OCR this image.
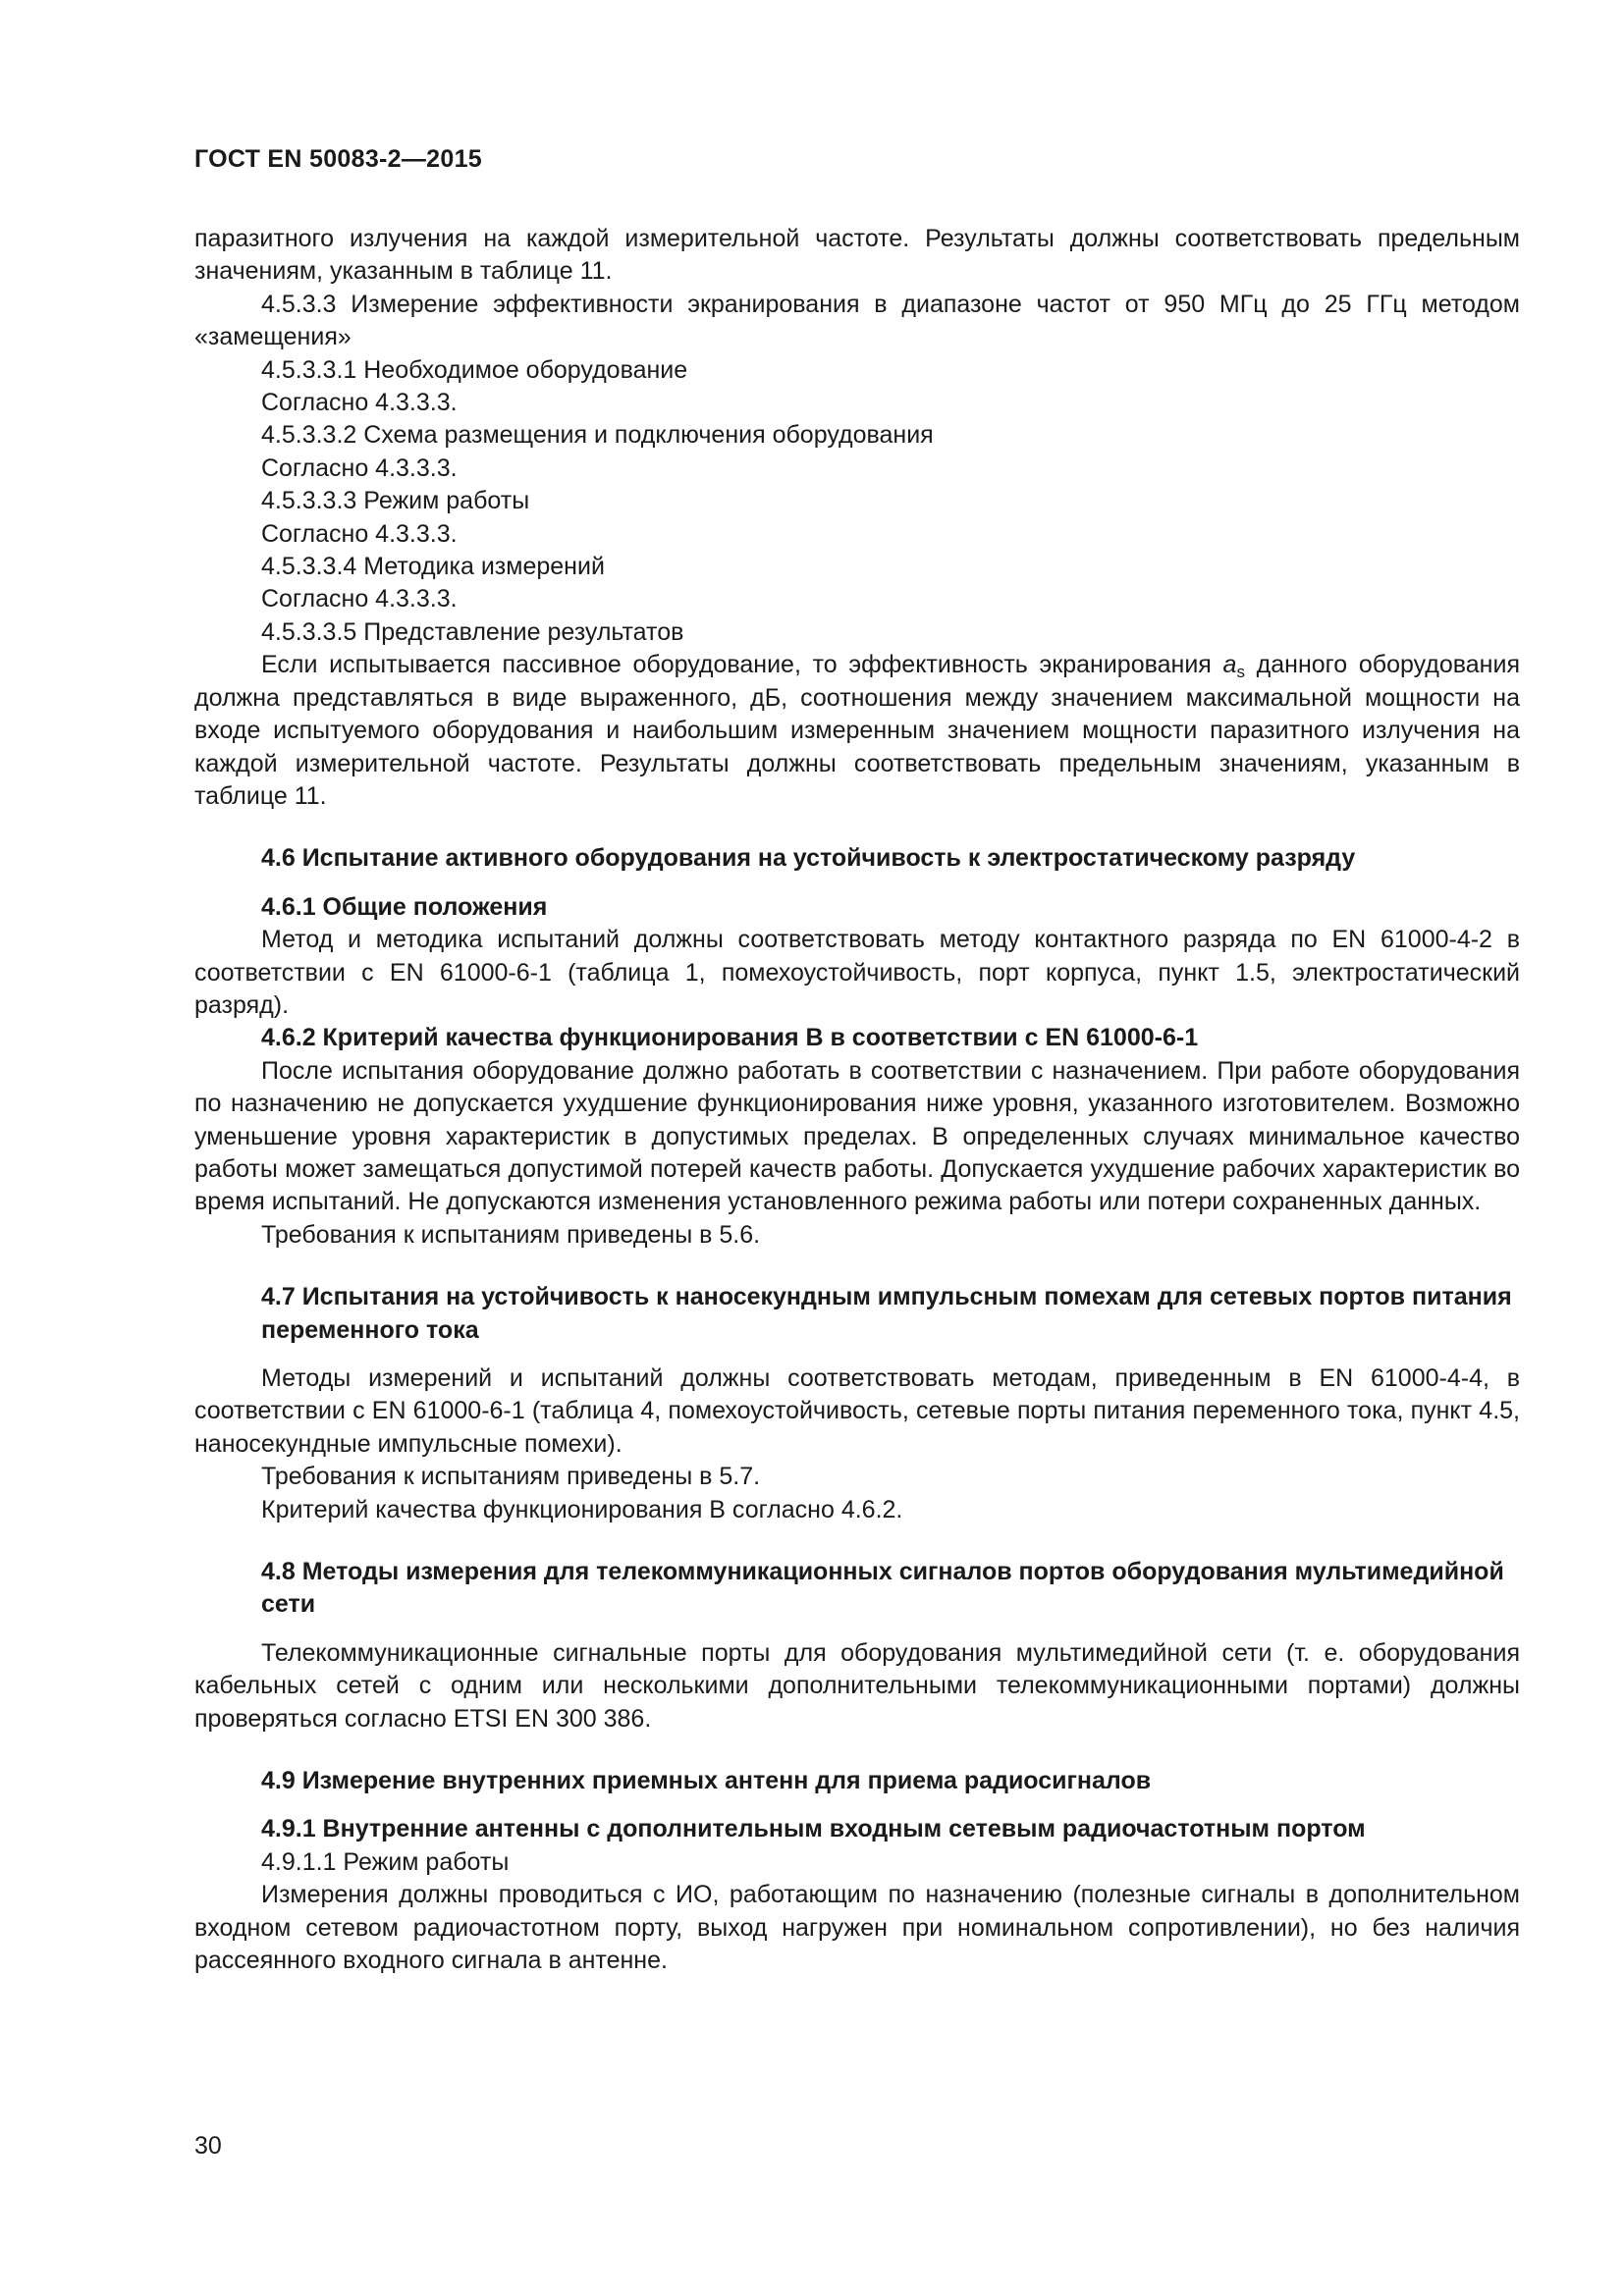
ГОСТ EN 50083-2—2015

паразитного излучения на каждой измерительной частоте. Результаты должны соответствовать предельным значениям, указанным в таблице 11.

4.5.3.3 Измерение эффективности экранирования в диапазоне частот от 950 МГц до 25 ГГц методом «замещения»

4.5.3.3.1 Необходимое оборудование

Согласно 4.3.3.3.

4.5.3.3.2 Схема размещения и подключения оборудования

Согласно 4.3.3.3.

4.5.3.3.3 Режим работы

Согласно 4.3.3.3.

4.5.3.3.4 Методика измерений

Согласно 4.3.3.3.

4.5.3.3.5 Представление результатов

Если испытывается пассивное оборудование, то эффективность экранирования $a_s$ данного оборудования должна представляться в виде выраженного, дБ, соотношения между значением максимальной мощности на входе испытуемого оборудования и наибольшим измеренным значением мощности паразитного излучения на каждой измерительной частоте. Результаты должны соответствовать предельным значениям, указанным в таблице 11.

4.6 Испытание активного оборудования на устойчивость к электростатическому разряду

4.6.1 Общие положения

Метод и методика испытаний должны соответствовать методу контактного разряда по EN 61000-4-2 в соответствии с EN 61000-6-1 (таблица 1, помехоустойчивость, порт корпуса, пункт 1.5, электростатический разряд).

4.6.2 Критерий качества функционирования В в соответствии с EN 61000-6-1

После испытания оборудование должно работать в соответствии с назначением. При работе оборудования по назначению не допускается ухудшение функционирования ниже уровня, указанного изготовителем. Возможно уменьшение уровня характеристик в допустимых пределах. В определенных случаях минимальное качество работы может замещаться допустимой потерей качеств работы. Допускается ухудшение рабочих характеристик во время испытаний. Не допускаются изменения установленного режима работы или потери сохраненных данных.

Требования к испытаниям приведены в 5.6.

4.7 Испытания на устойчивость к наносекундным импульсным помехам для сетевых портов питания переменного тока

Методы измерений и испытаний должны соответствовать методам, приведенным в EN 61000-4-4, в соответствии с EN 61000-6-1 (таблица 4, помехоустойчивость, сетевые порты питания переменного тока, пункт 4.5, наносекундные импульсные помехи).

Требования к испытаниям приведены в 5.7.

Критерий качества функционирования В согласно 4.6.2.

4.8 Методы измерения для телекоммуникационных сигналов портов оборудования мультимедийной сети

Телекоммуникационные сигнальные порты для оборудования мультимедийной сети (т. е. оборудования кабельных сетей с одним или несколькими дополнительными телекоммуникационными портами) должны проверяться согласно ETSI EN 300 386.

4.9 Измерение внутренних приемных антенн для приема радиосигналов

4.9.1 Внутренние антенны с дополнительным входным сетевым радиочастотным портом

4.9.1.1 Режим работы

Измерения должны проводиться с ИО, работающим по назначению (полезные сигналы в дополнительном входном сетевом радиочастотном порту, выход нагружен при номинальном сопротивлении), но без наличия рассеянного входного сигнала в антенне.

30
